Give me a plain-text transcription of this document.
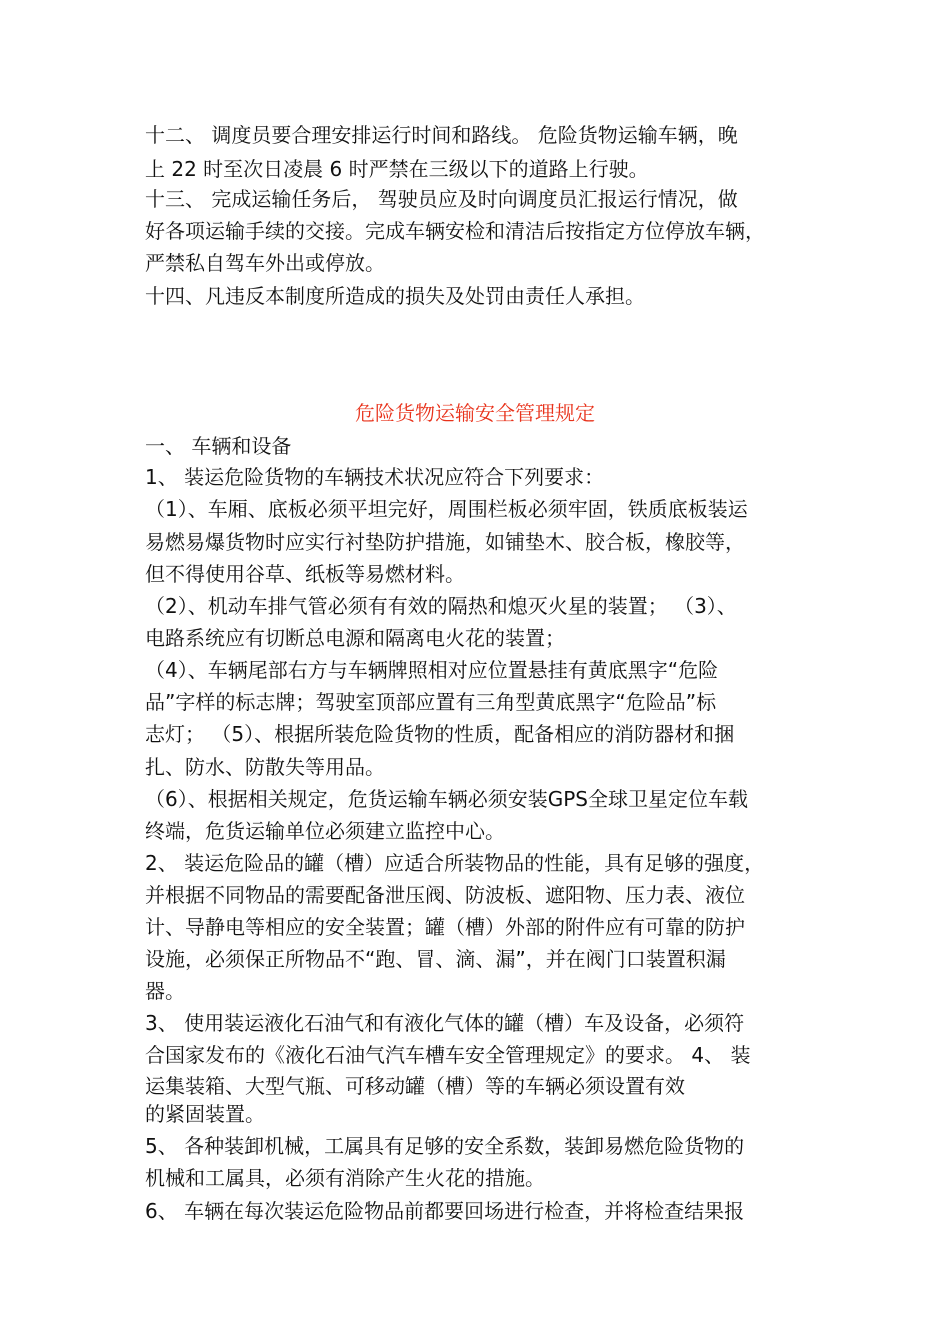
十二、 调度员要合理安排运行时间和路线。 危险货物运输车辆，晚
上 22 时至次日凌晨 6 时严禁在三级以下的道路上行驶。
十三、 完成运输任务后， 驾驶员应及时向调度员汇报运行情况，做
好各项运输手续的交接。完成车辆安检和清洁后按指定方位停放车辆，
严禁私自驾车外出或停放。
十四、凡违反本制度所造成的损失及处罚由责任人承担。
危险货物运输安全管理规定
一、 车辆和设备
1、 装运危险货物的车辆技术状况应符合下列要求：
（1）、车厢、底板必须平坦完好，周围栏板必须牢固，铁质底板装运
易燃易爆货物时应实行衬垫防护措施，如铺垫木、胶合板，橡胶等，
但不得使用谷草、纸板等易燃材料。
（2）、机动车排气管必须有有效的隔热和熄灭火星的装置； （3）、
电路系统应有切断总电源和隔离电火花的装置；
（4）、车辆尾部右方与车辆牌照相对应位置悬挂有黄底黑字“危险
品”字样的标志牌；驾驶室顶部应置有三角型黄底黑字“危险品”标
志灯； （5）、根据所装危险货物的性质，配备相应的消防器材和捆
扎、防水、防散失等用品。
（6）、根据相关规定，危货运输车辆必须安装GPS全球卫星定位车载
终端，危货运输单位必须建立监控中心。
2、 装运危险品的罐（槽）应适合所装物品的性能，具有足够的强度，
并根据不同物品的需要配备泄压阀、防波板、遮阳物、压力表、液位
计、导静电等相应的安全装置；罐（槽）外部的附件应有可靠的防护
设施，必须保正所物品不“跑、冒、滴、漏”，并在阀门口装置积漏
器。
3、 使用装运液化石油气和有液化气体的罐（槽）车及设备，必须符
合国家发布的《液化石油气汽车槽车安全管理规定》的要求。 4、 装
运集装箱、大型气瓶、可移动罐（槽）等的车辆必须设置有效
的紧固装置。
5、 各种装卸机械，工属具有足够的安全系数，装卸易燃危险货物的
机械和工属具，必须有消除产生火花的措施。
6、 车辆在每次装运危险物品前都要回场进行检查，并将检查结果报
